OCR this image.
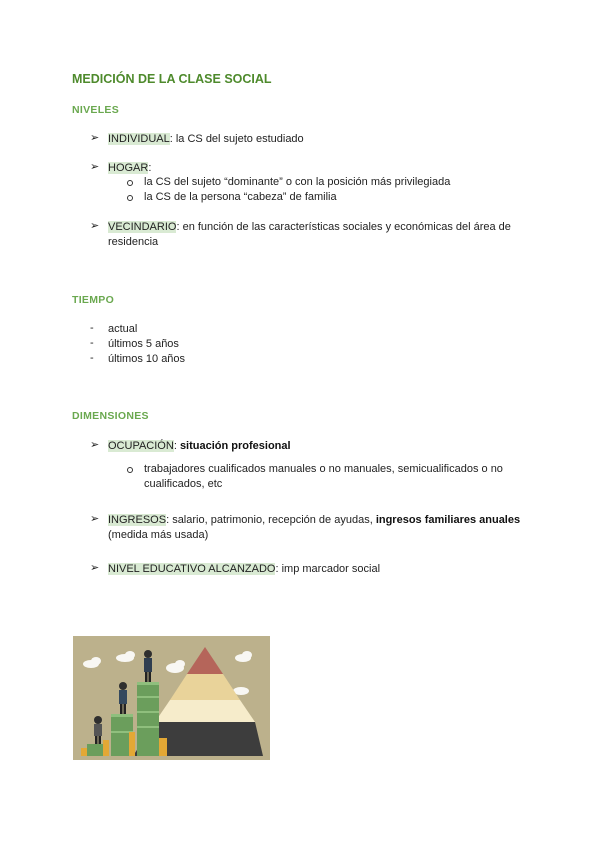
MEDICIÓN DE LA CLASE SOCIAL
NIVELES
➢ INDIVIDUAL: la CS del sujeto estudiado
➢ HOGAR:
la CS del sujeto “dominante” o con la posición más privilegiada
la CS de la persona “cabeza” de familia
➢ VECINDARIO: en función de las características sociales y económicas del área de
residencia
TIEMPO
- actual
- últimos 5 años
- últimos 10 años
DIMENSIONES
➢ OCUPACIÓN: situación profesional
trabajadores cualificados manuales o no manuales, semicualificados o no
cualificados, etc
➢ INGRESOS: salario, patrimonio, recepción de ayudas, ingresos familiares anuales
(medida más usada)
➢ NIVEL EDUCATIVO ALCANZADO: imp marcador social
